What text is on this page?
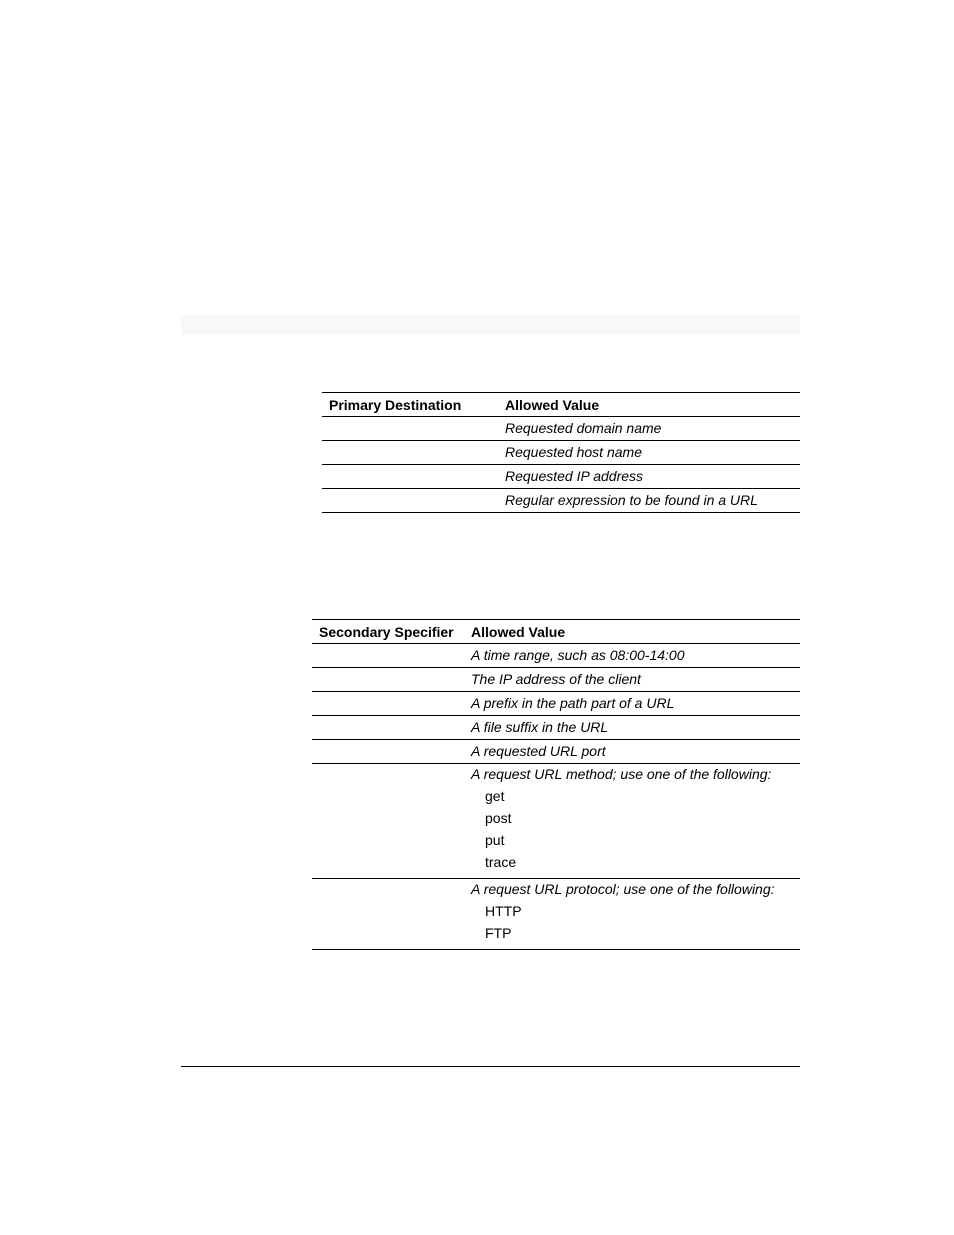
Primary Destination	Allowed Value
Requested domain name
Requested host name
Requested IP address
Regular expression to be found in a URL
Secondary Specifier	Allowed Value
A time range, such as 08:00-14:00
The IP address of the client
A prefix in the path part of a URL
A file suffix in the URL
A requested URL port
A request URL method; use one of the following:
get
post
put
trace
A request URL protocol; use one of the following:
HTTP
FTP
